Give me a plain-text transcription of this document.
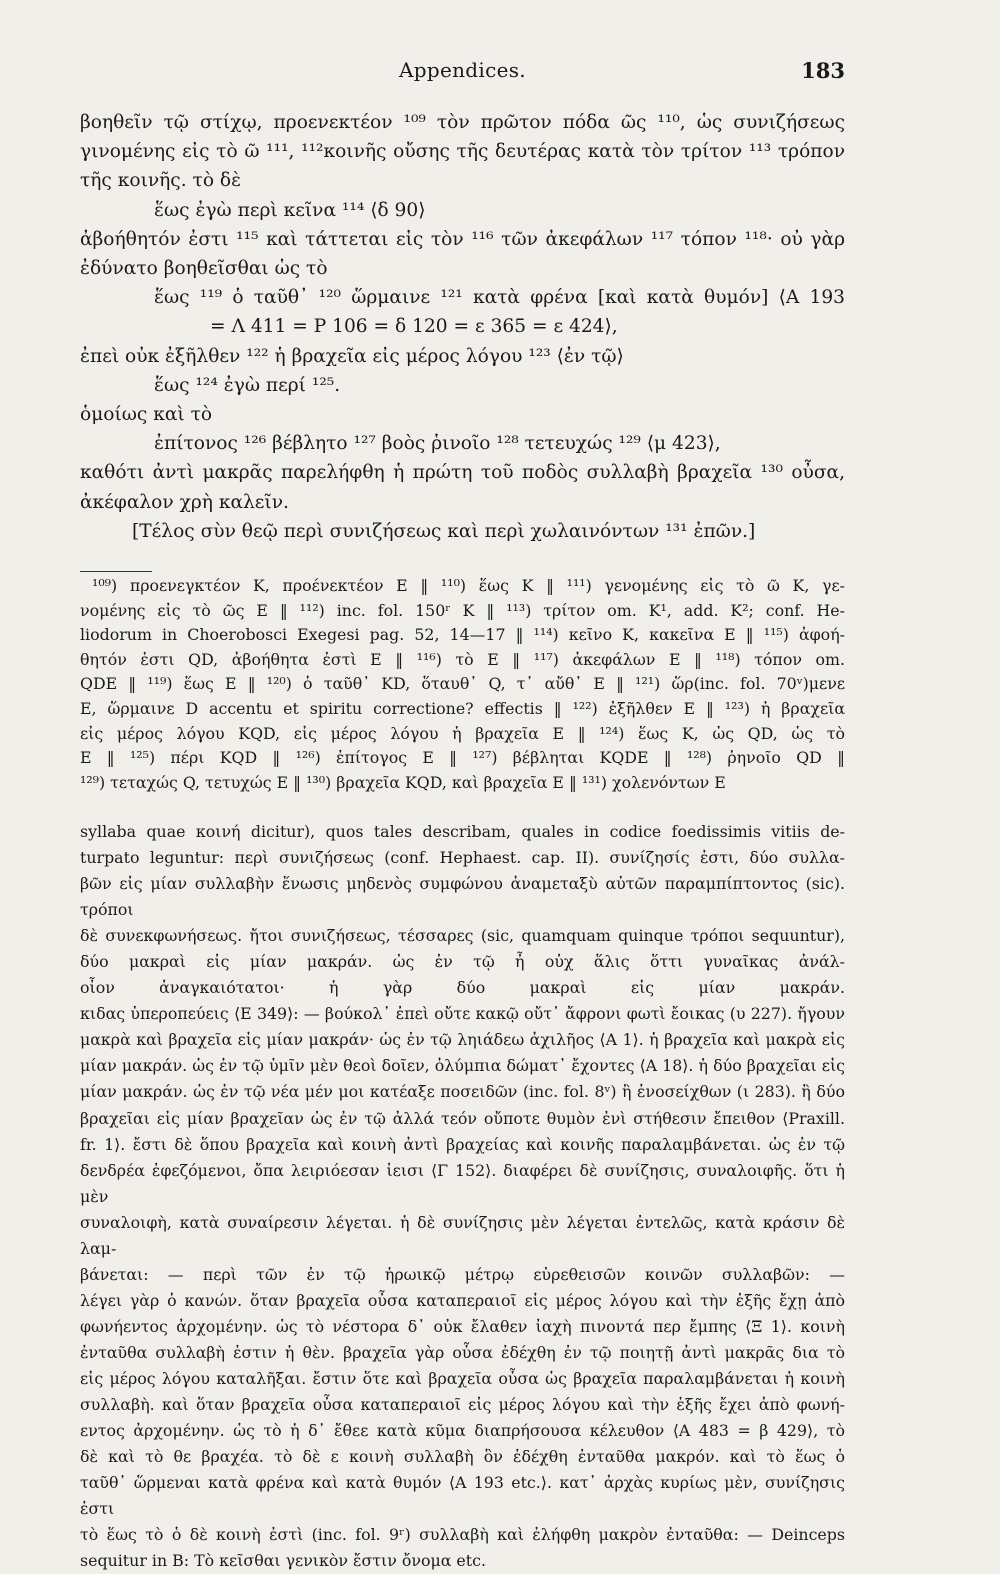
Appendices.	183

βοηθεῖν τῷ στίχῳ, προενεκτέον ¹⁰⁹ τὸν πρῶτον πόδα ῶς ¹¹⁰, ὡς συνιζήσεως

γινομένης εἰς τὸ ῶ ¹¹¹, ¹¹²κοινῆς οὔσης τῆς δευτέρας κατὰ τὸν τρίτον ¹¹³ τρόπον

τῆς κοινῆς. τὸ δὲ

ἕως ἐγὼ περὶ κεῖνα ¹¹⁴ ⟨δ 90⟩

ἀβοήθητόν ἐστι ¹¹⁵ καὶ τάττεται εἰς τὸν ¹¹⁶ τῶν ἀκεφάλων ¹¹⁷ τόπον ¹¹⁸· οὐ γὰρ

ἐδύνατο βοηθεῖσθαι ὡς τὸ

ἕως ¹¹⁹ ὁ ταῦθ᾽ ¹²⁰ ὥρμαινε ¹²¹ κατὰ φρένα [καὶ κατὰ θυμόν] ⟨Α 193

= Λ 411 = Ρ 106 = δ 120 = ε 365 = ε 424⟩,

ἐπεὶ οὐκ ἐξῆλθεν ¹²² ἡ βραχεῖα εἰς μέρος λόγου ¹²³ ⟨ἐν τῷ⟩

ἕως ¹²⁴ ἐγὼ περί ¹²⁵.

ὁμοίως καὶ τὸ

ἐπίτονος ¹²⁶ βέβλητο ¹²⁷ βοὸς ῥινοῖο ¹²⁸ τετευχώς ¹²⁹ ⟨μ 423⟩,

καθότι ἀντὶ μακρᾶς παρελήφθη ἡ πρώτη τοῦ ποδὸς συλλαβὴ βραχεῖα ¹³⁰ οὖσα,

ἀκέφαλον χρὴ καλεῖν.

[Τέλος σὺν θεῷ περὶ συνιζήσεως καὶ περὶ χωλαινόντων ¹³¹ ἐπῶν.]

¹⁰⁹) προενεγκτέον K, προένεκτέον E ‖ ¹¹⁰) ἕως K ‖ ¹¹¹) γενομένης εἰς τὸ ῶ K, γε-

νομένης εἰς τὸ ῶς E ‖ ¹¹²) inc. fol. 150ʳ K ‖ ¹¹³) τρίτον om. K¹, add. K²; conf. He-

liodorum in Choerobosci Exegesi pag. 52, 14—17 ‖ ¹¹⁴) κεῖνο K, κακεῖνα E ‖ ¹¹⁵) ἀφοή-

θητόν ἐστι QD, ἀβοήθητα ἐστὶ E ‖ ¹¹⁶) τὸ E ‖ ¹¹⁷) ἀκεφάλων E ‖ ¹¹⁸) τόπον om.

QDE ‖ ¹¹⁹) ἕως E ‖ ¹²⁰) ὁ ταῦθ᾽ KD, ὅταυθ᾽ Q, τ᾽ αὔθ᾽ E ‖ ¹²¹) ὥρ(inc. fol. 70ᵛ)μενε

E, ὥρμαινε D accentu et spiritu correctione? effectis ‖ ¹²²) ἐξῆλθεν E ‖ ¹²³) ἡ βραχεῖα

εἰς μέρος λόγου KQD, εἰς μέρος λόγου ἡ βραχεῖα E ‖ ¹²⁴) ἕως K, ὡς QD, ὡς τὸ

E ‖ ¹²⁵) πέρι KQD ‖ ¹²⁶) ἐπίτογος E ‖ ¹²⁷) βέβληται KQDE ‖ ¹²⁸) ῥηνοῖο QD ‖

¹²⁹) τεταχώς Q, τετυχώς E ‖ ¹³⁰) βραχεῖα KQD, καὶ βραχεῖα E ‖ ¹³¹) χολενόντων E

syllaba quae κοινή dicitur), quos tales describam, quales in codice foedissimis vitiis de-

turpato leguntur: περὶ συνιζήσεως (conf. Hephaest. cap. II). συνίζησίς ἐστι, δύο συλλα-

βῶν εἰς μίαν συλλαβὴν ἕνωσις μηδενὸς συμφώνου ἀναμεταξὺ αὐτῶν παραμπίπτοντος (sic). τρόποι

δὲ συνεκφωνήσεως. ἤτοι συνιζήσεως, τέσσαρες (sic, quamquam quinque τρόποι sequuntur),

δύο μακραὶ εἰς μίαν μακράν. ὡς ἐν τῷ ἦ οὐχ ἅλις ὅττι γυναῖκας ἀνάλ-

οἶον ἀναγκαιότατοι· ἡ γὰρ δύο μακραὶ εἰς μίαν μακράν.

κιδας ὑπεροπεύεις ⟨Ε 349⟩: — βούκολ᾽ ἐπεὶ οὔτε κακῷ οὔτ᾽ ἄφρονι φωτὶ ἔοικας (υ 227). ἤγουν

μακρὰ καὶ βραχεῖα εἰς μίαν μακράν· ὡς ἐν τῷ ληιάδεω ἀχιλῆος ⟨Α 1⟩. ἡ βραχεῖα καὶ μακρὰ εἰς

μίαν μακράν. ὡς ἐν τῷ ὑμῖν μὲν θεοὶ δοῖεν, ὀλύμπια δώματ᾽ ἔχοντες ⟨Α 18⟩. ἡ δύο βραχεῖαι εἰς

μίαν μακράν. ὡς ἐν τῷ νέα μέν μοι κατέαξε ποσειδῶν (inc. fol. 8ᵛ) ἢ ἐνοσείχθων (ι 283). ἢ δύο

βραχεῖαι εἰς μίαν βραχεῖαν ὡς ἐν τῷ ἀλλά τεόν οὔποτε θυμὸν ἐνὶ στήθεσιν ἔπειθον ⟨Praxill.

fr. 1⟩. ἔστι δὲ ὅπου βραχεῖα καὶ κοινὴ ἀντὶ βραχείας καὶ κοινῆς παραλαμβάνεται. ὡς ἐν τῷ

δενδρέα ἐφεζόμενοι, ὄπα λειριόεσαν ἱεισι ⟨Γ 152⟩. διαφέρει δὲ συνίζησις, συναλοιφῆς. ὅτι ἡ μὲν

συναλοιφὴ, κατὰ συναίρεσιν λέγεται. ἡ δὲ συνίζησις μὲν λέγεται ἐντελῶς, κατὰ κράσιν δὲ λαμ-

βάνεται: — περὶ τῶν ἐν τῷ ἡρωικῷ μέτρῳ εὑρεθεισῶν κοινῶν συλλαβῶν: —

λέγει γὰρ ὁ κανών. ὅταν βραχεῖα οὖσα καταπεραιοῖ εἰς μέρος λόγου καὶ τὴν ἑξῆς ἔχῃ ἀπὸ

φωνήεντος ἀρχομένην. ὡς τὸ νέστορα δ᾽ οὐκ ἔλαθεν ἰαχὴ πινοντά περ ἔμπης ⟨Ξ 1⟩. κοινὴ

ἐνταῦθα συλλαβὴ ἐστιν ἡ θὲν. βραχεῖα γὰρ οὖσα ἐδέχθη ἐν τῷ ποιητῇ ἀντὶ μακρᾶς δια τὸ

εἰς μέρος λόγου καταλῆξαι. ἔστιν ὅτε καὶ βραχεῖα οὖσα ὡς βραχεῖα παραλαμβάνεται ἡ κοινὴ

συλλαβὴ. καὶ ὅταν βραχεῖα οὖσα καταπεραιοῖ εἰς μέρος λόγου καὶ τὴν ἑξῆς ἔχει ἀπὸ φωνή-

εντος ἀρχομένην. ὡς τὸ ἡ δ᾽ ἔθεε κατὰ κῦμα διαπρήσουσα κέλευθον ⟨Α 483 = β 429⟩, τὸ

δὲ καὶ τὸ θε βραχέα. τὸ δὲ ε κοινὴ συλλαβὴ ὃν ἐδέχθη ἐνταῦθα μακρόν. καὶ τὸ ἕως ὁ

ταῦθ᾽ ὥρμεναι κατὰ φρένα καὶ κατὰ θυμόν ⟨Α 193 etc.⟩. κατ᾽ ἀρχὰς κυρίως μὲν, συνίζησις ἐστι

τὸ ἕως τὸ ὁ δὲ κοινὴ ἐστὶ (inc. fol. 9ʳ) συλλαβὴ καὶ ἐλήφθη μακρὸν ἐνταῦθα: — Deinceps

sequitur in B: Τὸ κεῖσθαι γενικὸν ἔστιν ὄνομα etc.
